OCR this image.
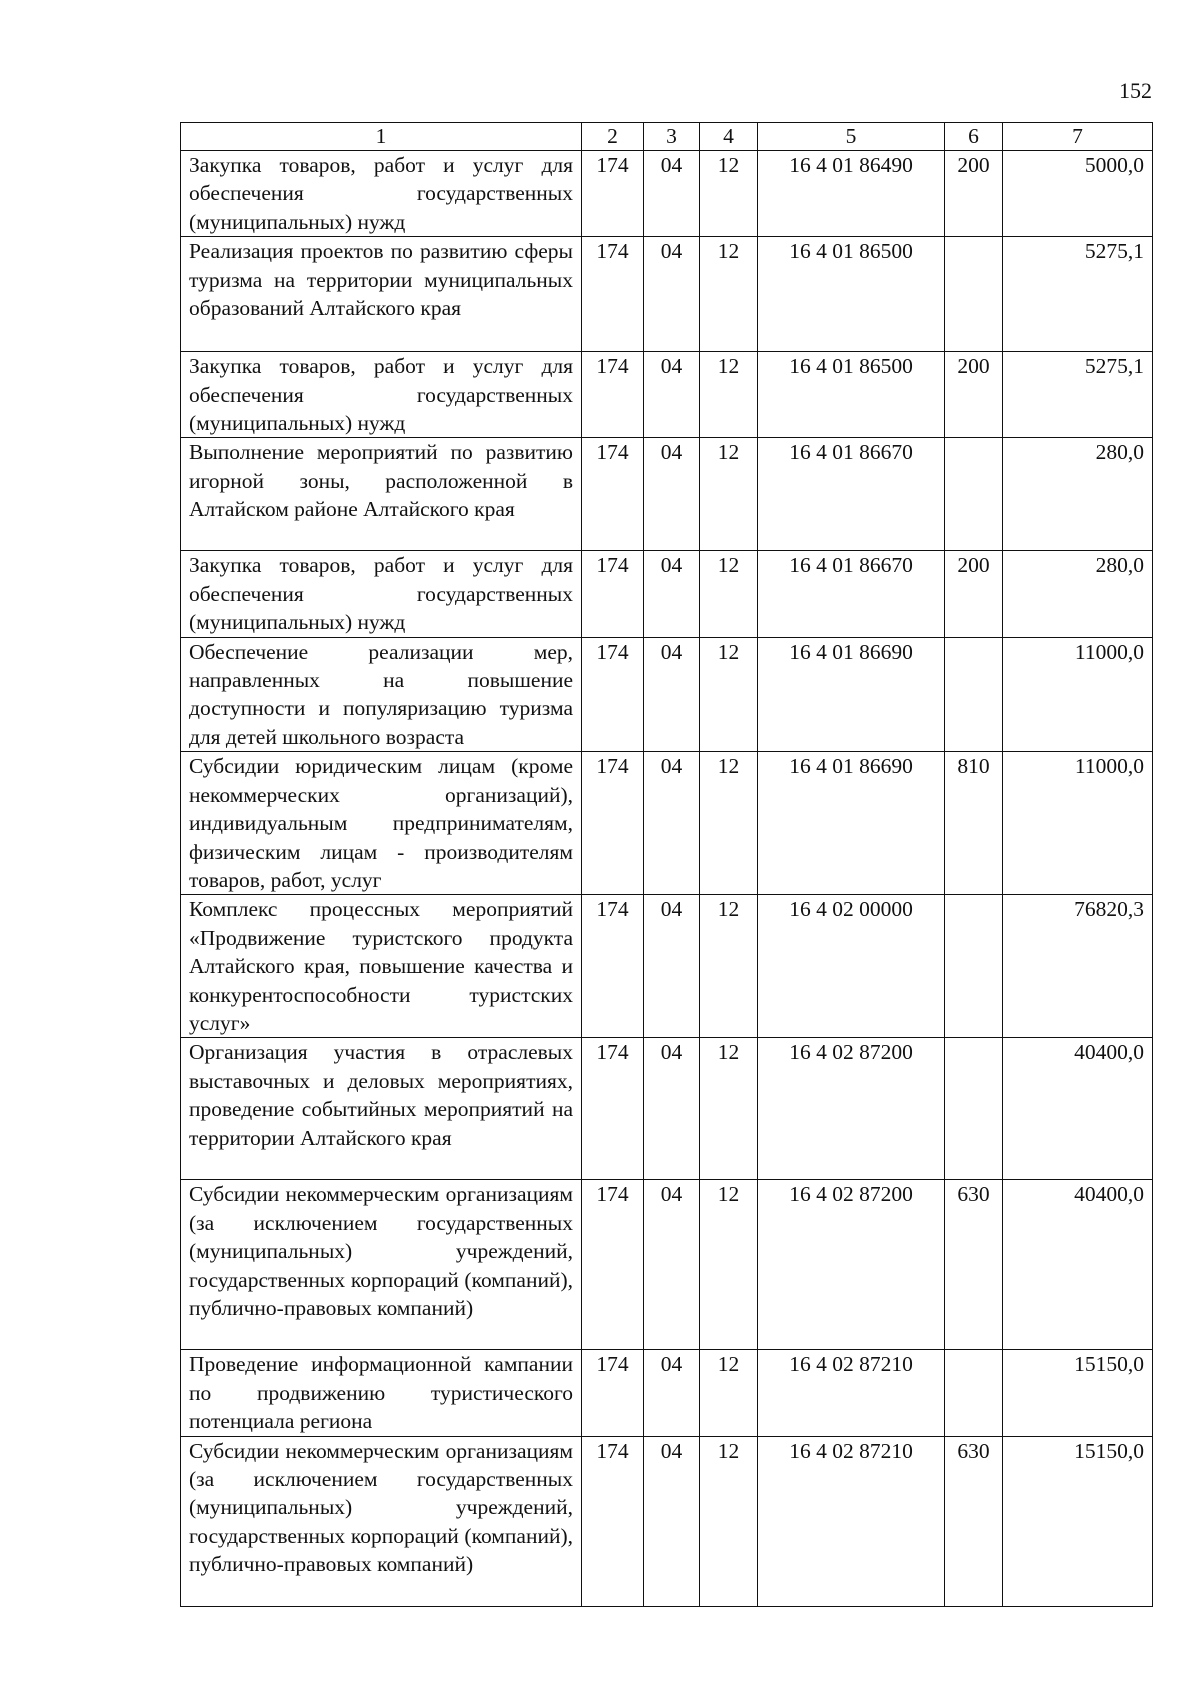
152
1	2	3	4	5	6	7
Закупка товаров, работ и услуг для обеспечения государственных (муниципальных) нужд	174	04	12	16 4 01 86490	200	5000,0
Реализация проектов по развитию сферы туризма на территории муниципальных образований Алтайского края	174	04	12	16 4 01 86500		5275,1
Закупка товаров, работ и услуг для обеспечения государственных (муниципальных) нужд	174	04	12	16 4 01 86500	200	5275,1
Выполнение мероприятий по развитию игорной зоны, расположенной в Алтайском районе Алтайского края	174	04	12	16 4 01 86670		280,0
Закупка товаров, работ и услуг для обеспечения государственных (муниципальных) нужд	174	04	12	16 4 01 86670	200	280,0
Обеспечение реализации мер, направленных на повышение доступности и популяризацию туризма для детей школьного возраста	174	04	12	16 4 01 86690		11000,0
Субсидии юридическим лицам (кроме некоммерческих организаций), индивидуальным предпринимателям, физическим лицам - производителям товаров, работ, услуг	174	04	12	16 4 01 86690	810	11000,0
Комплекс процессных мероприятий «Продвижение туристского продукта Алтайского края, повышение качества и конкурентоспособности туристских услуг»	174	04	12	16 4 02 00000		76820,3
Организация участия в отраслевых выставочных и деловых мероприятиях, проведение событийных мероприятий на территории Алтайского края	174	04	12	16 4 02 87200		40400,0
Субсидии некоммерческим организациям (за исключением государственных (муниципальных) учреждений, государственных корпораций (компаний), публично-правовых компаний)	174	04	12	16 4 02 87200	630	40400,0
Проведение информационной кампании по продвижению туристического потенциала региона	174	04	12	16 4 02 87210		15150,0
Субсидии некоммерческим организациям (за исключением государственных (муниципальных) учреждений, государственных корпораций (компаний), публично-правовых компаний)	174	04	12	16 4 02 87210	630	15150,0
